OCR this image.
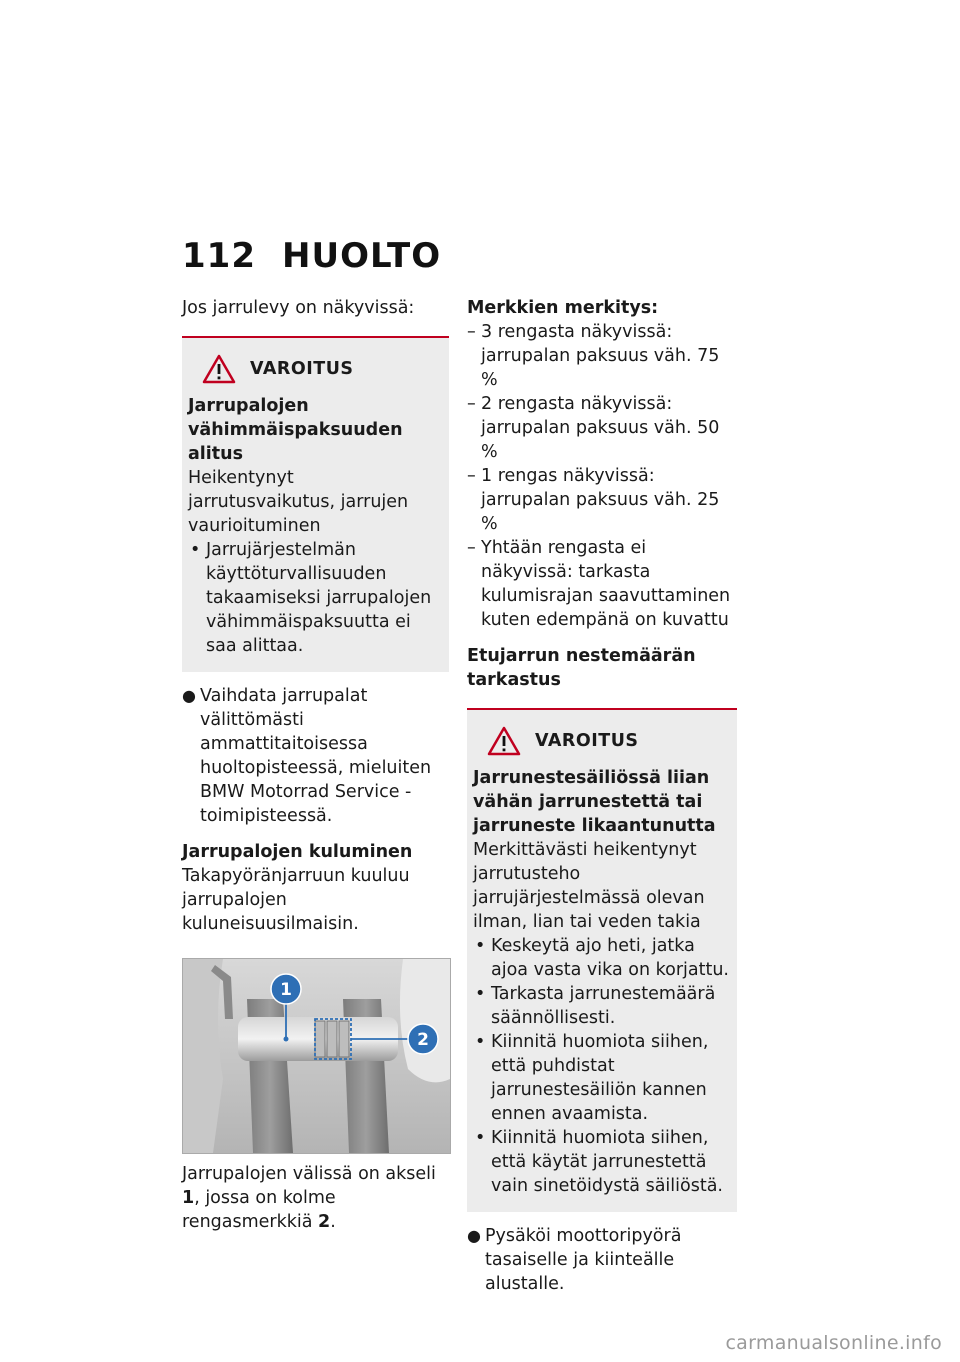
112 HUOLTO

Jos jarrulevy on näkyvissä:

VAROITUS

Jarrupalojen vähimmäispaksuuden alitus

Heikentynyt jarrutusvaikutus, jarrujen vaurioituminen

• Jarrujärjestelmän käyttöturvallisuuden takaamiseksi jarrupalojen vähimmäispaksuutta ei saa alittaa.
● Vaihdata jarrupalat välittömästi ammattitaitoisessa huoltopisteessä, mieluiten BMW Motorrad Service -toimipisteessä.

Jarrupalojen kuluminen

Takapyöränjarruun kuuluu jarrupalojen kuluneisuusilmaisin.

1
2

Jarrupalojen välissä on akseli 1, jossa on kolme rengasmerkkiä 2.

Merkkien merkitys:

– 3 rengasta näkyvissä: jarrupalan paksuus väh. 75 %
– 2 rengasta näkyvissä: jarrupalan paksuus väh. 50 %
– 1 rengas näkyvissä: jarrupalan paksuus väh. 25 %
– Yhtään rengasta ei näkyvissä: tarkasta kulumisrajan saavuttaminen kuten edempänä on kuvattu

Etujarrun nestemäärän tarkastus

VAROITUS

Jarrunestesäiliössä liian vähän jarrunestettä tai jarruneste likaantunutta

Merkittävästi heikentynyt jarrutusteho jarrujärjestelmässä olevan ilman, lian tai veden takia

• Keskeytä ajo heti, jatka ajoa vasta vika on korjattu.
• Tarkasta jarrunestemäärä säännöllisesti.
• Kiinnitä huomiota siihen, että puhdistat jarrunestesäiliön kannen ennen avaamista.
• Kiinnitä huomiota siihen, että käytät jarrunestettä vain sinetöidystä säiliöstä.
● Pysäköi moottoripyörä tasaiselle ja kiinteälle alustalle.
carmanualsonline.info
